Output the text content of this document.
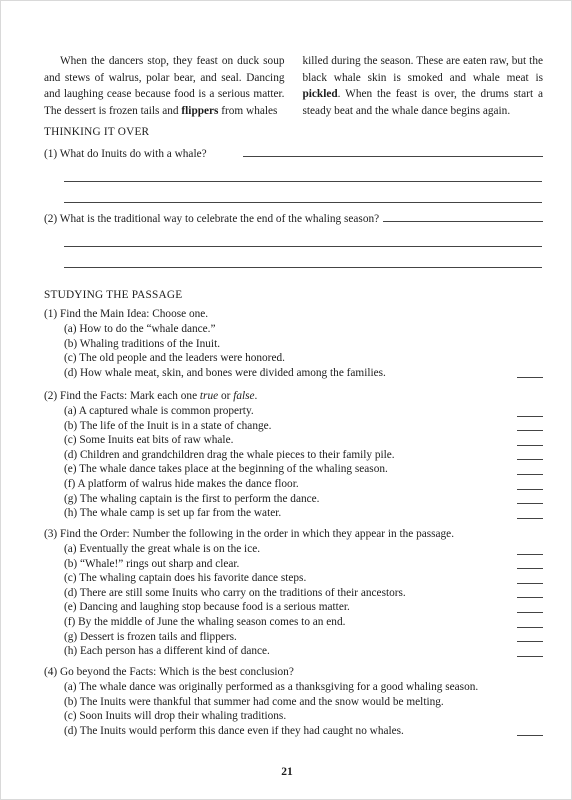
When the dancers stop, they feast on duck soup and stews of walrus, polar bear, and seal. Dancing and laughing cease because food is a serious matter. The dessert is frozen tails and flippers from whales

killed during the season. These are eaten raw, but the black whale skin is smoked and whale meat is pickled. When the feast is over, the drums start a steady beat and the whale dance begins again.

THINKING IT OVER
(1) What do Inuits do with a whale?
(2) What is the traditional way to celebrate the end of the whaling season?
STUDYING THE PASSAGE
(1) Find the Main Idea: Choose one.
(a) How to do the “whale dance.”
(b) Whaling traditions of the Inuit.
(c) The old people and the leaders were honored.
(d) How whale meat, skin, and bones were divided among the families.
(2) Find the Facts: Mark each one true or false.
(a) A captured whale is common property.
(b) The life of the Inuit is in a state of change.
(c) Some Inuits eat bits of raw whale.
(d) Children and grandchildren drag the whale pieces to their family pile.
(e) The whale dance takes place at the beginning of the whaling season.
(f) A platform of walrus hide makes the dance floor.
(g) The whaling captain is the first to perform the dance.
(h) The whale camp is set up far from the water.
(3) Find the Order: Number the following in the order in which they appear in the passage.
(a) Eventually the great whale is on the ice.
(b) “Whale!” rings out sharp and clear.
(c) The whaling captain does his favorite dance steps.
(d) There are still some Inuits who carry on the traditions of their ancestors.
(e) Dancing and laughing stop because food is a serious matter.
(f) By the middle of June the whaling season comes to an end.
(g) Dessert is frozen tails and flippers.
(h) Each person has a different kind of dance.
(4) Go beyond the Facts: Which is the best conclusion?
(a) The whale dance was originally performed as a thanksgiving for a good whaling season.
(b) The Inuits were thankful that summer had come and the snow would be melting.
(c) Soon Inuits will drop their whaling traditions.
(d) The Inuits would perform this dance even if they had caught no whales.
21
